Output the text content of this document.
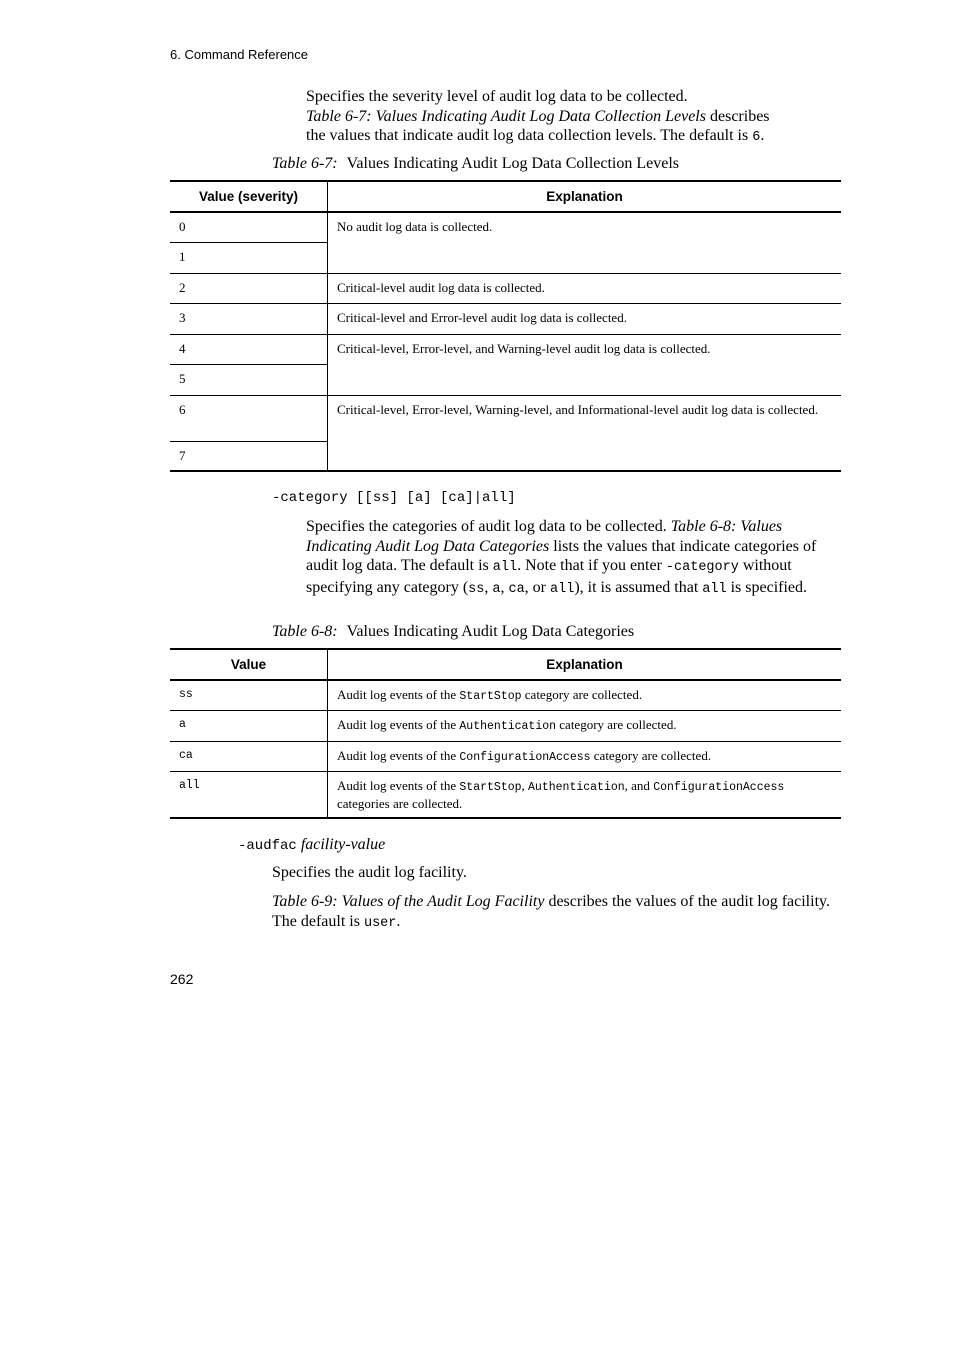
6. Command Reference
Specifies the severity level of audit log data to be collected.
Table 6-7: Values Indicating Audit Log Data Collection Levels describes
the values that indicate audit log data collection levels. The default is 6.
Table 6-7: Values Indicating Audit Log Data Collection Levels
Value (severity)	Explanation
0	No audit log data is collected.
1	
2	Critical-level audit log data is collected.
3	Critical-level and Error-level audit log data is collected.
4	Critical-level, Error-level, and Warning-level audit log data is collected.
5	
6	Critical-level, Error-level, Warning-level, and Informational-level audit log data is collected.
7	
-category [[ss] [a] [ca]|all]
Specifies the categories of audit log data to be collected. Table 6-8: Values Indicating Audit Log Data Categories lists the values that indicate categories of audit log data. The default is all. Note that if you enter -category without specifying any category (ss, a, ca, or all), it is assumed that all is specified.
Table 6-8: Values Indicating Audit Log Data Categories
Value	Explanation
ss	Audit log events of the StartStop category are collected.
a	Audit log events of the Authentication category are collected.
ca	Audit log events of the ConfigurationAccess category are collected.
all	Audit log events of the StartStop, Authentication, and ConfigurationAccess categories are collected.
-audfac facility-value
Specifies the audit log facility.
Table 6-9: Values of the Audit Log Facility describes the values of the audit log facility. The default is user.
262
